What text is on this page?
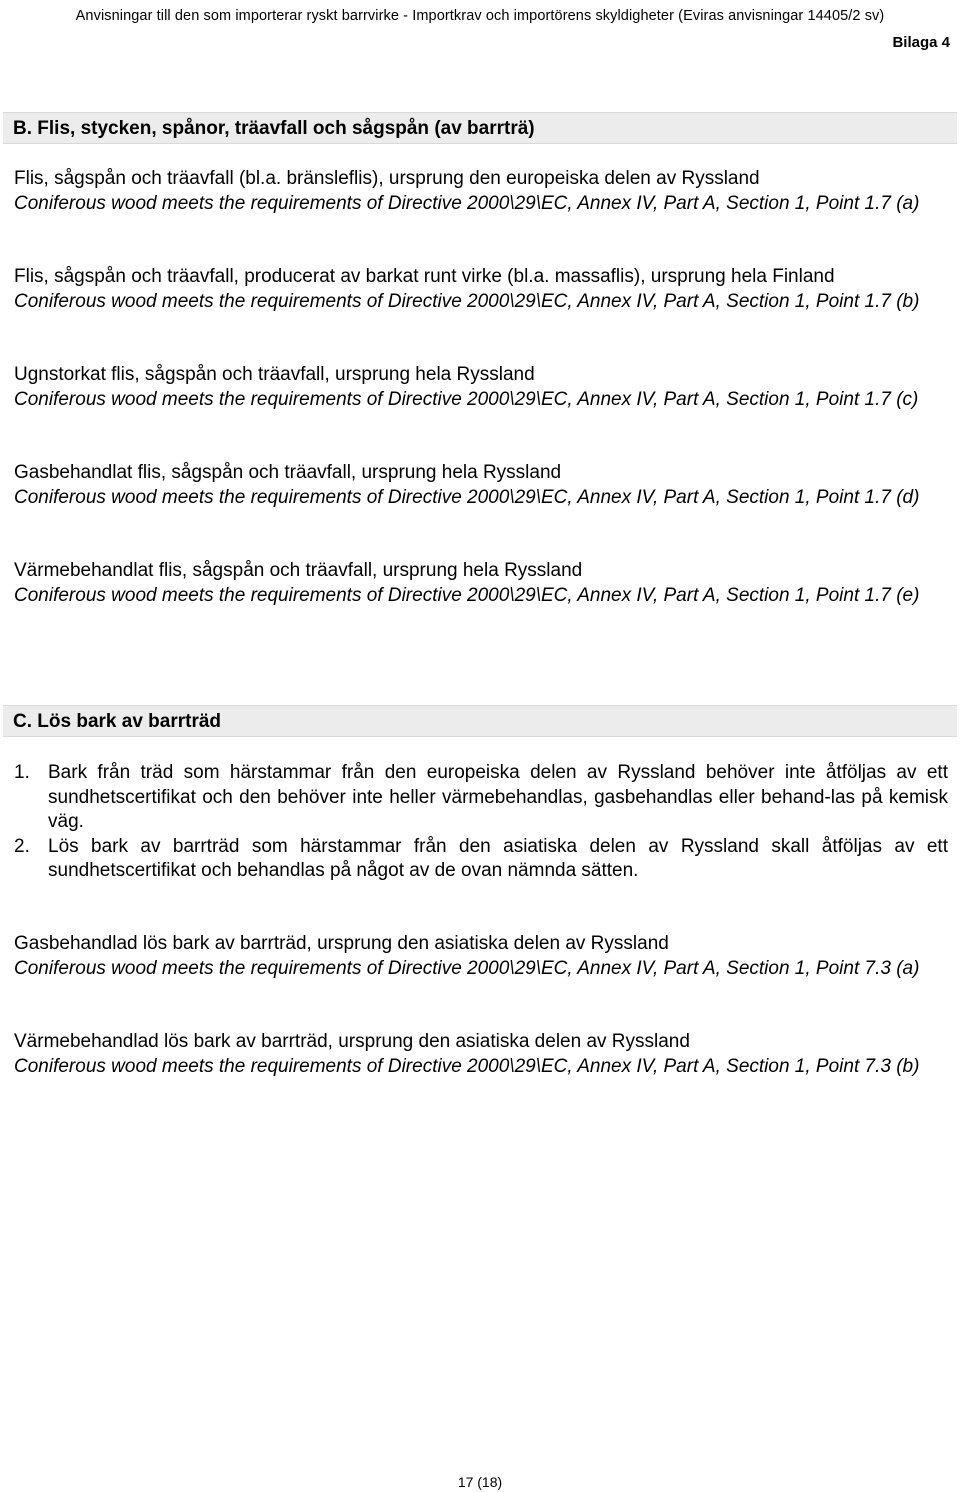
Anvisningar till den som importerar ryskt barrvirke - Importkrav och importörens skyldigheter (Eviras anvisningar 14405/2 sv)
Bilaga 4
B. Flis, stycken, spånor, träavfall och sågspån (av barrträ)
Flis, sågspån och träavfall (bl.a. bränsleflis), ursprung den europeiska delen av Ryssland
Coniferous wood meets the requirements of Directive 2000\29\EC, Annex IV, Part A, Section 1, Point 1.7 (a)
Flis, sågspån och träavfall, producerat av barkat runt virke (bl.a. massaflis), ursprung hela Finland
Coniferous wood meets the requirements of Directive 2000\29\EC, Annex IV, Part A, Section 1, Point 1.7 (b)
Ugnstorkat flis, sågspån och träavfall, ursprung hela Ryssland
Coniferous wood meets the requirements of Directive 2000\29\EC, Annex IV, Part A, Section 1, Point 1.7 (c)
Gasbehandlat flis, sågspån och träavfall, ursprung hela Ryssland
Coniferous wood meets the requirements of Directive 2000\29\EC, Annex IV, Part A, Section 1, Point 1.7 (d)
Värmebehandlat flis, sågspån och träavfall, ursprung hela Ryssland
Coniferous wood meets the requirements of Directive 2000\29\EC, Annex IV, Part A, Section 1, Point 1.7 (e)
C. Lös bark av barrträd
1. Bark från träd som härstammar från den europeiska delen av Ryssland behöver inte åtföljas av ett sundhetscertifikat och den behöver inte heller värmebehandlas, gasbehandlas eller behand-las på kemisk väg.
2. Lös bark av barrträd som härstammar från den asiatiska delen av Ryssland skall åtföljas av ett sundhetscertifikat och behandlas på något av de ovan nämnda sätten.
Gasbehandlad lös bark av barrträd, ursprung den asiatiska delen av Ryssland
Coniferous wood meets the requirements of Directive 2000\29\EC, Annex IV, Part A, Section 1, Point 7.3 (a)
Värmebehandlad lös bark av barrträd, ursprung den asiatiska delen av Ryssland
Coniferous wood meets the requirements of Directive 2000\29\EC, Annex IV, Part A, Section 1, Point 7.3 (b)
17 (18)
